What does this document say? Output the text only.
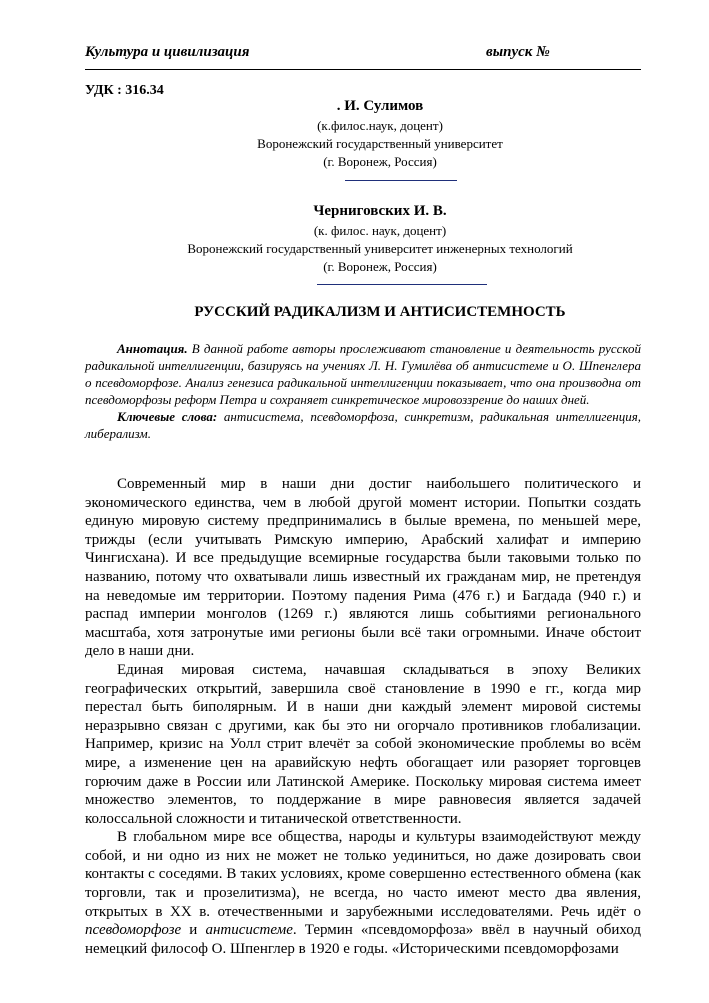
Культура и цивилизация	выпуск №
УДК : 316.34
. И. Сулимов
(к.филос.наук, доцент)
Воронежский государственный университет
(г. Воронеж, Россия)
Черниговских И. В.
(к. филос. наук, доцент)
Воронежский государственный университет инженерных технологий
(г. Воронеж, Россия)
РУССКИЙ РАДИКАЛИЗМ И АНТИСИСТЕМНОСТЬ

Аннотация. В данной работе авторы прослеживают становление и деятельность русской радикальной интеллигенции, базируясь на учениях Л. Н. Гумилёва об антисистеме и О. Шпенглера о псевдоморфозе. Анализ генезиса радикальной интеллигенции показывает, что она производна от псевдоморфозы реформ Петра и сохраняет синкретическое мировоззрение до наших дней.

Ключевые слова: антисистема, псевдоморфоза, синкретизм, радикальная интеллигенция, либерализм.

Современный мир в наши дни достиг наибольшего политического и экономического единства, чем в любой другой момент истории. Попытки создать единую мировую систему предпринимались в былые времена, по меньшей мере, трижды (если учитывать Римскую империю, Арабский халифат и империю Чингисхана). И все предыдущие всемирные государства были таковыми только по названию, потому что охватывали лишь известный их гражданам мир, не претендуя на неведомые им территории. Поэтому падения Рима (476 г.) и Багдада (940 г.) и распад империи монголов (1269 г.) являются лишь событиями регионального масштаба, хотя затронутые ими регионы были всё таки огромными. Иначе обстоит дело в наши дни.

Единая мировая система, начавшая складываться в эпоху Великих географических открытий, завершила своё становление в 1990 е гг., когда мир перестал быть биполярным. И в наши дни каждый элемент мировой системы неразрывно связан с другими, как бы это ни огорчало противников глобализации. Например, кризис на Уолл стрит влечёт за собой экономические проблемы во всём мире, а изменение цен на аравийскую нефть обогащает или разоряет торговцев горючим даже в России или Латинской Америке. Поскольку мировая система имеет множество элементов, то поддержание в мире равновесия является задачей колоссальной сложности и титанической ответственности.

В глобальном мире все общества, народы и культуры взаимодействуют между собой, и ни одно из них не может не только уединиться, но даже дозировать свои контакты с соседями. В таких условиях, кроме совершенно естественного обмена (как торговли, так и прозелитизма), не всегда, но часто имеют место два явления, открытых в XX в. отечественными и зарубежными исследователями. Речь идёт о псевдоморфозе и антисистеме. Термин «псевдоморфоза» ввёл в научный обиход немецкий философ О. Шпенглер в 1920 е годы. «Историческими псевдоморфозами
